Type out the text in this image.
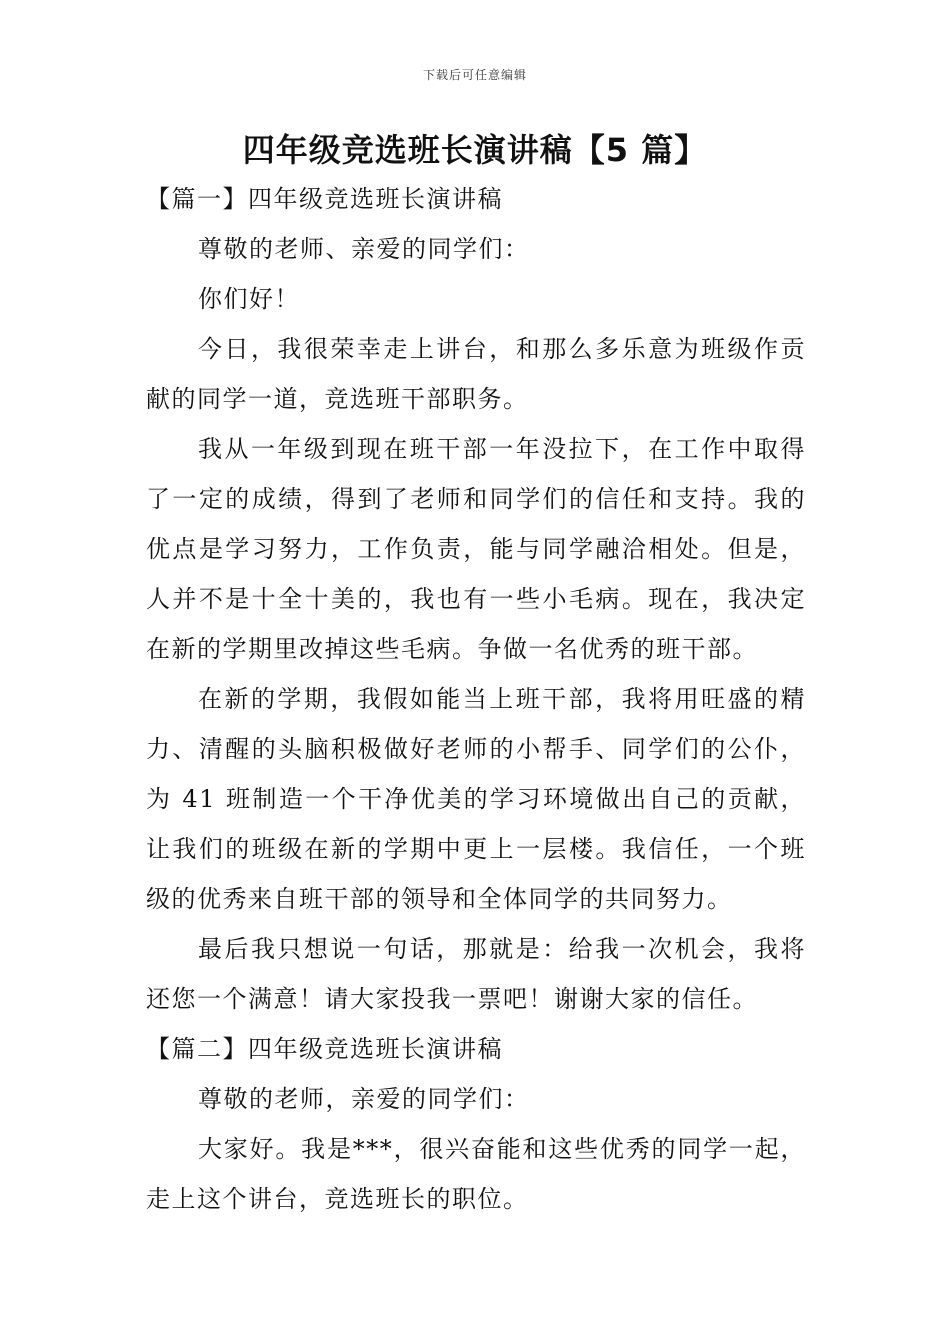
下载后可任意编辑
四年级竞选班长演讲稿【5 篇】

【篇一】四年级竞选班长演讲稿

尊敬的老师、亲爱的同学们：

你们好！

今日，我很荣幸走上讲台，和那么多乐意为班级作贡献的同学一道，竞选班干部职务。

我从一年级到现在班干部一年没拉下，在工作中取得了一定的成绩，得到了老师和同学们的信任和支持。我的优点是学习努力，工作负责，能与同学融洽相处。但是，人并不是十全十美的，我也有一些小毛病。现在，我决定在新的学期里改掉这些毛病。争做一名优秀的班干部。

在新的学期，我假如能当上班干部，我将用旺盛的精力、清醒的头脑积极做好老师的小帮手、同学们的公仆，为 41 班制造一个干净优美的学习环境做出自己的贡献，让我们的班级在新的学期中更上一层楼。我信任，一个班级的优秀来自班干部的领导和全体同学的共同努力。

最后我只想说一句话，那就是：给我一次机会，我将还您一个满意！请大家投我一票吧！谢谢大家的信任。

【篇二】四年级竞选班长演讲稿

尊敬的老师，亲爱的同学们：

大家好。我是***，很兴奋能和这些优秀的同学一起，走上这个讲台，竞选班长的职位。
